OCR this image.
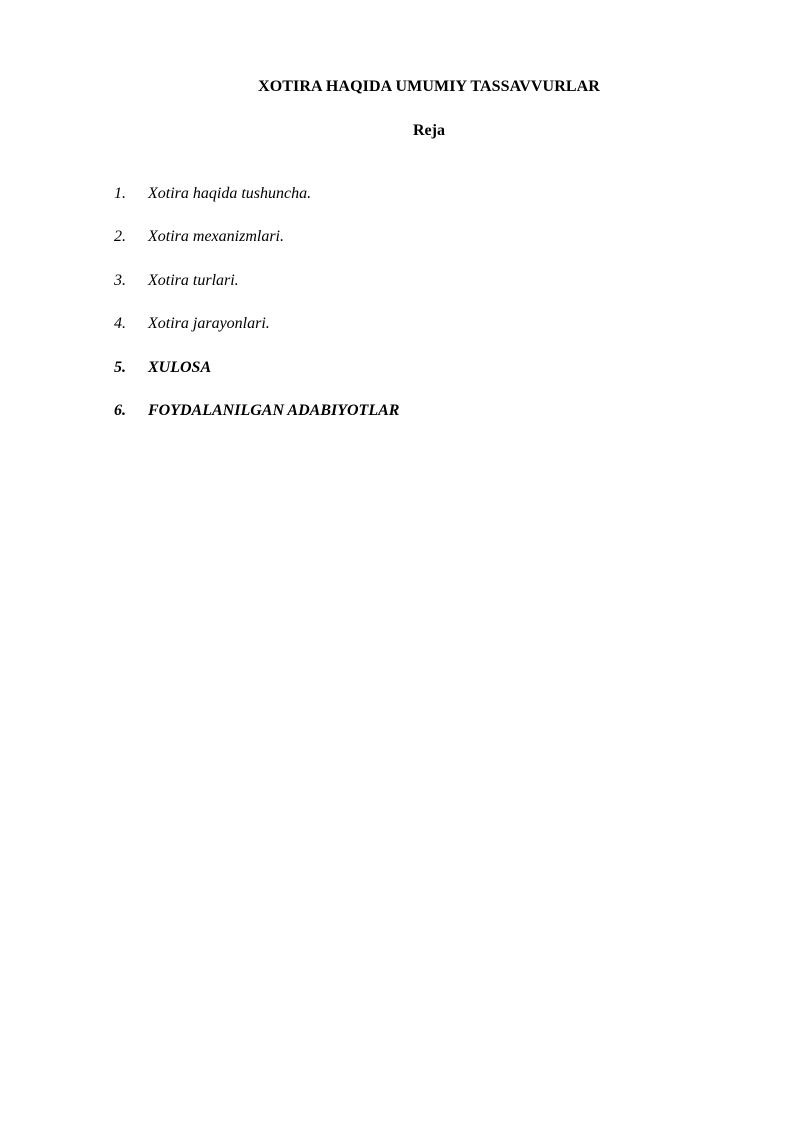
XOTIRA HAQIDA UMUMIY TASSAVVURLAR
Reja
1.	Xotira haqida tushuncha.
2.	Xotira mexanizmlari.
3.	Xotira turlari.
4.	Xotira jarayonlari.
5.	XULOSA
6.	FOYDALANILGAN ADABIYOTLAR
